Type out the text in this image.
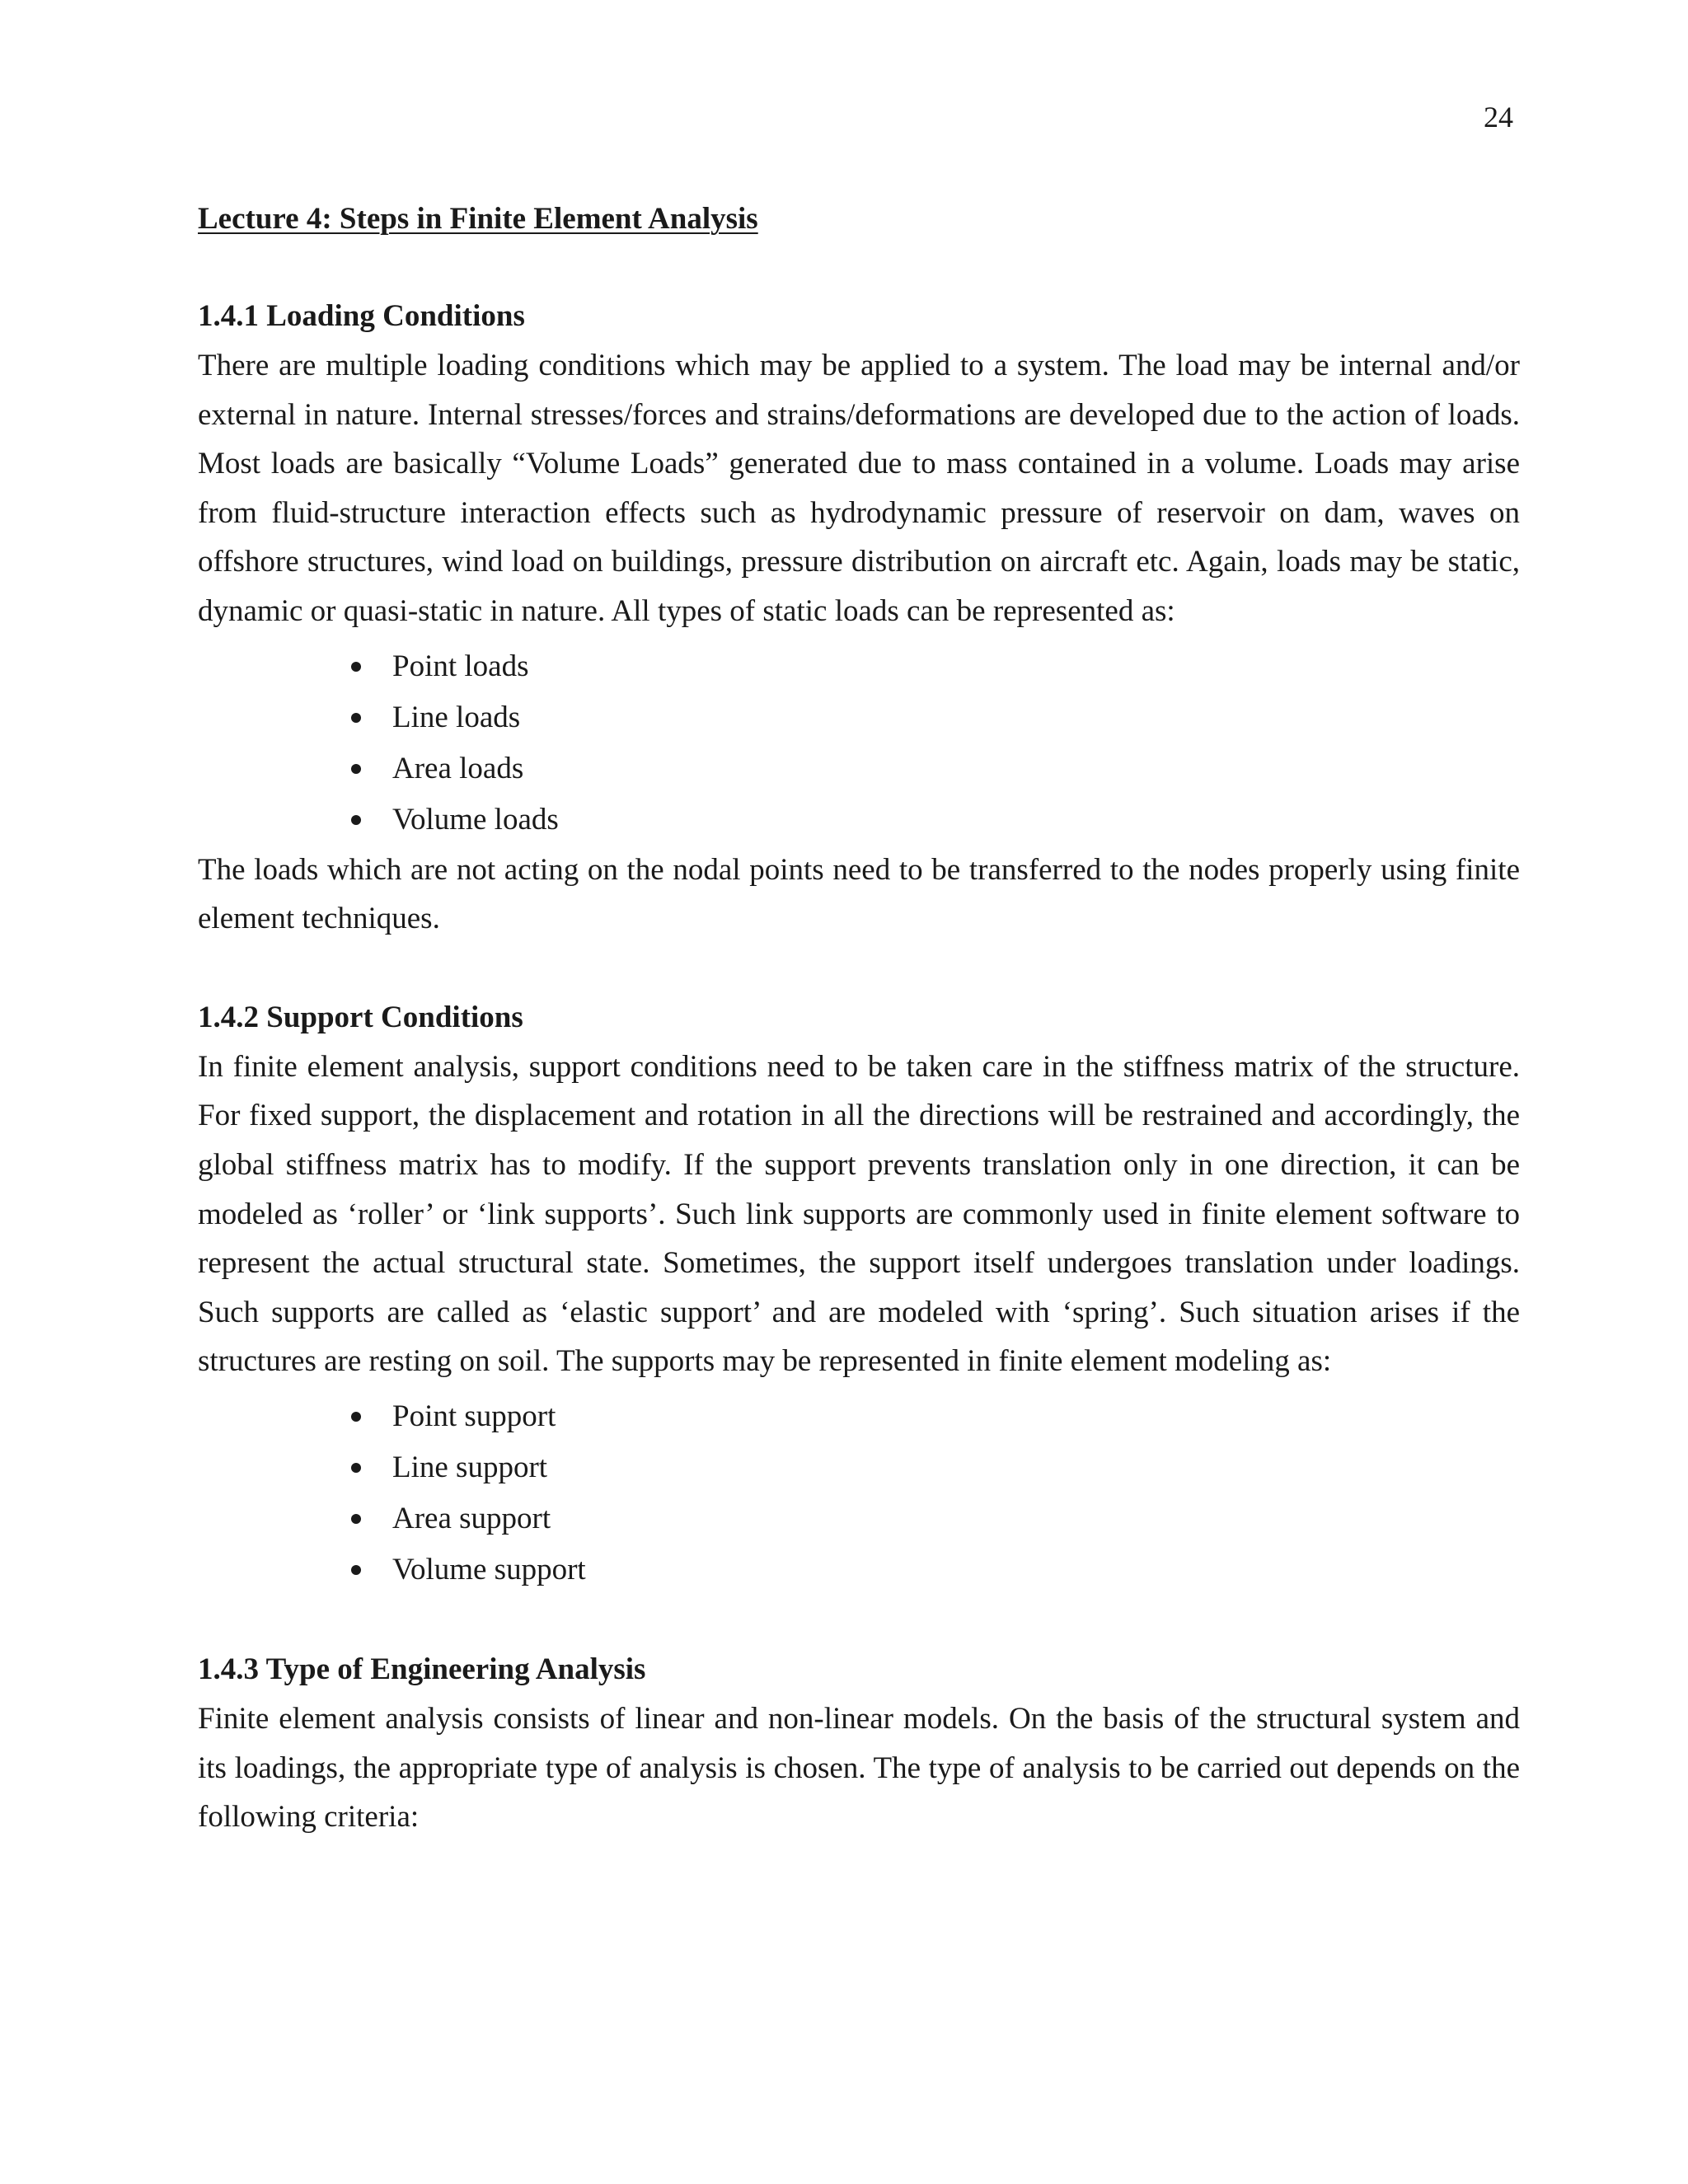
24

Lecture 4: Steps in Finite Element Analysis

1.4.1 Loading Conditions

There are multiple loading conditions which may be applied to a system. The load may be internal and/or external in nature. Internal stresses/forces and strains/deformations are developed due to the action of loads. Most loads are basically “Volume Loads” generated due to mass contained in a volume. Loads may arise from fluid-structure interaction effects such as hydrodynamic pressure of reservoir on dam, waves on offshore structures, wind load on buildings, pressure distribution on aircraft etc. Again, loads may be static, dynamic or quasi-static in nature. All types of static loads can be represented as:

Point loads
Line loads
Area loads
Volume loads

The loads which are not acting on the nodal points need to be transferred to the nodes properly using finite element techniques.

1.4.2 Support Conditions

In finite element analysis, support conditions need to be taken care in the stiffness matrix of the structure. For fixed support, the displacement and rotation in all the directions will be restrained and accordingly, the global stiffness matrix has to modify. If the support prevents translation only in one direction, it can be modeled as ‘roller’ or ‘link supports’. Such link supports are commonly used in finite element software to represent the actual structural state. Sometimes, the support itself undergoes translation under loadings. Such supports are called as ‘elastic support’ and are modeled with ‘spring’. Such situation arises if the structures are resting on soil. The supports may be represented in finite element modeling as:

Point support
Line support
Area support
Volume support

1.4.3 Type of Engineering Analysis

Finite element analysis consists of linear and non-linear models. On the basis of the structural system and its loadings, the appropriate type of analysis is chosen. The type of analysis to be carried out depends on the following criteria:
